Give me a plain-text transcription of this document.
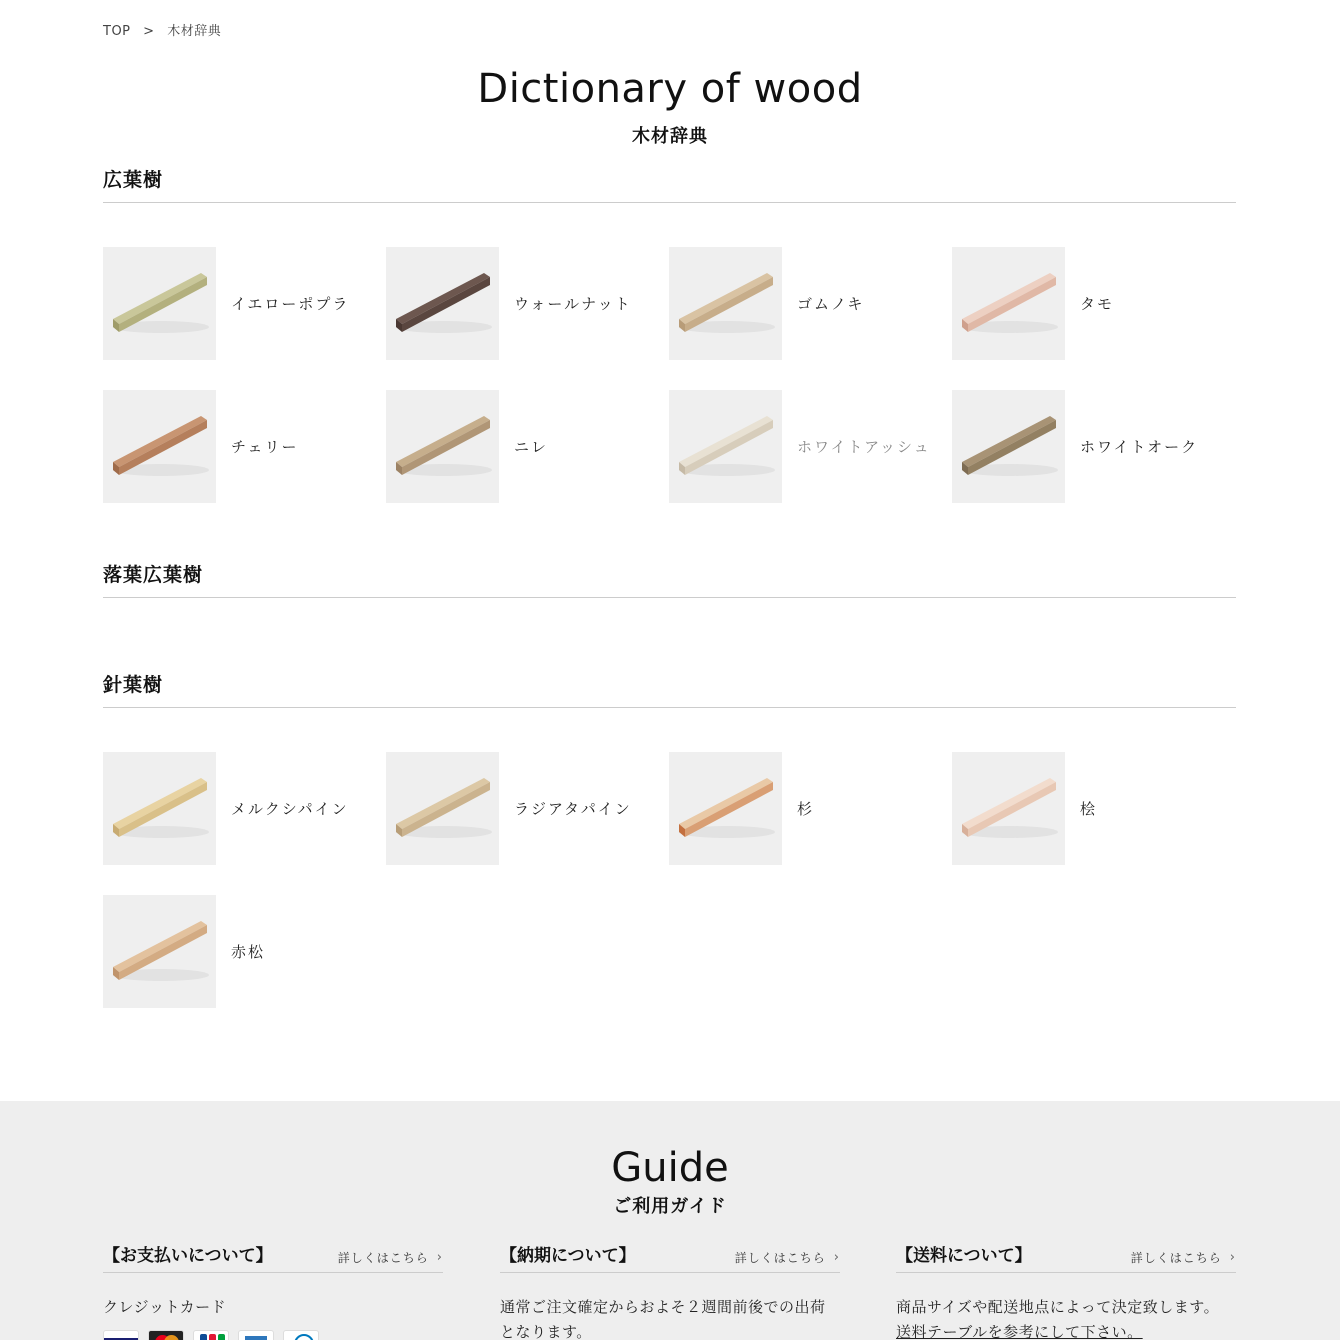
TOP > 木材辞典
Dictionary of wood
木材辞典
広葉樹
イエローポプラ	ウォールナット	ゴムノキ	タモ
チェリー	ニレ	ホワイトアッシュ	ホワイトオーク
落葉広葉樹
針葉樹
メルクシパイン	ラジアタパイン	杉	桧
赤松
Guide
ご利用ガイド
【お支払いについて】	詳しくはこちら ›
クレジットカード
【納期について】	詳しくはこちら ›
通常ご注文確定からおよそ２週間前後での出荷となります。
【送料について】	詳しくはこちら ›
商品サイズや配送地点によって決定致します。
送料テーブルを参考にして下さい。
